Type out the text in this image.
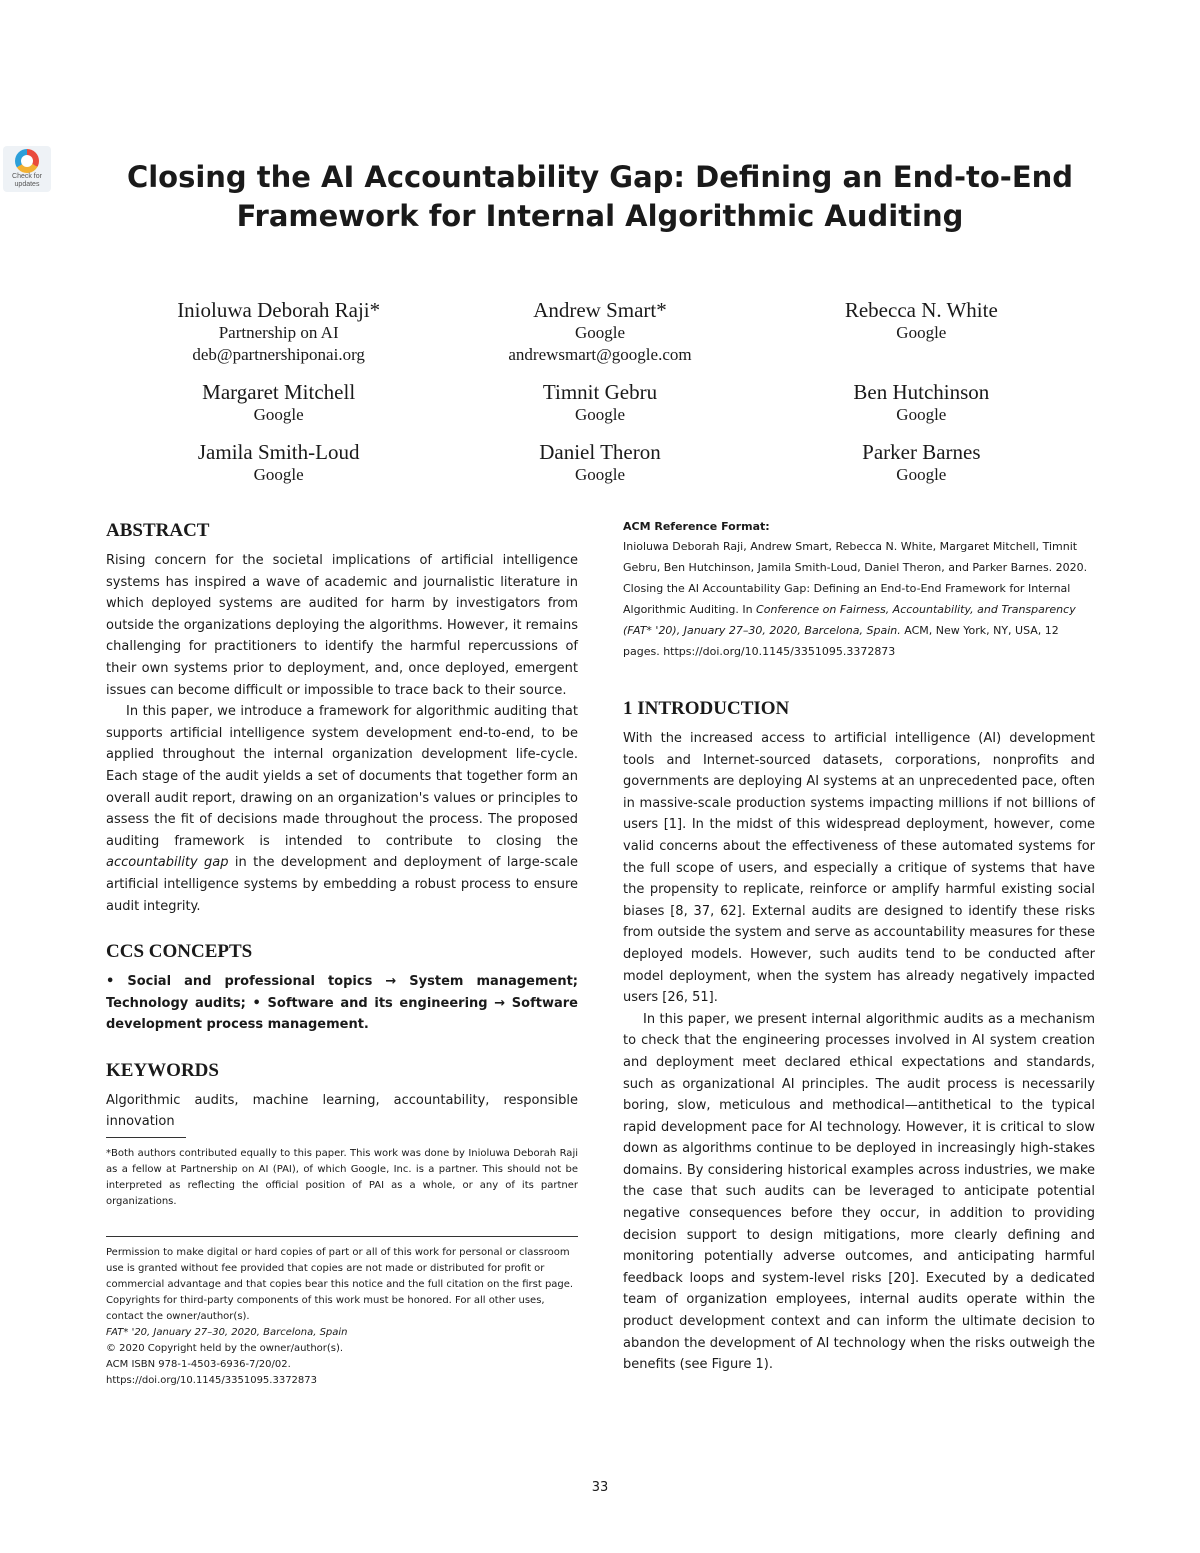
Check for updates	Closing the AI Accountability Gap: Defining an End-to-End Framework for Internal Algorithmic Auditing
Inioluwa Deborah Raji*
Partnership on AI
deb@partnershiponai.org
Andrew Smart*
Google
andrewsmart@google.com
Rebecca N. White
Google
Margaret Mitchell
Google
Timnit Gebru
Google
Ben Hutchinson
Google
Jamila Smith-Loud
Google
Daniel Theron
Google
Parker Barnes
Google
ABSTRACT

Rising concern for the societal implications of artificial intelligence systems has inspired a wave of academic and journalistic literature in which deployed systems are audited for harm by investigators from outside the organizations deploying the algorithms. However, it remains challenging for practitioners to identify the harmful repercussions of their own systems prior to deployment, and, once deployed, emergent issues can become difficult or impossible to trace back to their source.

In this paper, we introduce a framework for algorithmic auditing that supports artificial intelligence system development end-to-end, to be applied throughout the internal organization development life-cycle. Each stage of the audit yields a set of documents that together form an overall audit report, drawing on an organization's values or principles to assess the fit of decisions made throughout the process. The proposed auditing framework is intended to contribute to closing the accountability gap in the development and deployment of large-scale artificial intelligence systems by embedding a robust process to ensure audit integrity.

CCS CONCEPTS

• Social and professional topics → System management; Technology audits; • Software and its engineering → Software development process management.

KEYWORDS

Algorithmic audits, machine learning, accountability, responsible innovation

*Both authors contributed equally to this paper. This work was done by Inioluwa Deborah Raji as a fellow at Partnership on AI (PAI), of which Google, Inc. is a partner. This should not be interpreted as reflecting the official position of PAI as a whole, or any of its partner organizations.

Permission to make digital or hard copies of part or all of this work for personal or classroom use is granted without fee provided that copies are not made or distributed for profit or commercial advantage and that copies bear this notice and the full citation on the first page. Copyrights for third-party components of this work must be honored. For all other uses, contact the owner/author(s).

FAT* '20, January 27–30, 2020, Barcelona, Spain

© 2020 Copyright held by the owner/author(s).

ACM ISBN 978-1-4503-6936-7/20/02.

https://doi.org/10.1145/3351095.3372873

ACM Reference Format:

Inioluwa Deborah Raji, Andrew Smart, Rebecca N. White, Margaret Mitchell, Timnit Gebru, Ben Hutchinson, Jamila Smith-Loud, Daniel Theron, and Parker Barnes. 2020. Closing the AI Accountability Gap: Defining an End-to-End Framework for Internal Algorithmic Auditing. In Conference on Fairness, Accountability, and Transparency (FAT* '20), January 27–30, 2020, Barcelona, Spain. ACM, New York, NY, USA, 12 pages. https://doi.org/10.1145/3351095.3372873

1 INTRODUCTION

With the increased access to artificial intelligence (AI) development tools and Internet-sourced datasets, corporations, nonprofits and governments are deploying AI systems at an unprecedented pace, often in massive-scale production systems impacting millions if not billions of users [1]. In the midst of this widespread deployment, however, come valid concerns about the effectiveness of these automated systems for the full scope of users, and especially a critique of systems that have the propensity to replicate, reinforce or amplify harmful existing social biases [8, 37, 62]. External audits are designed to identify these risks from outside the system and serve as accountability measures for these deployed models. However, such audits tend to be conducted after model deployment, when the system has already negatively impacted users [26, 51].

In this paper, we present internal algorithmic audits as a mechanism to check that the engineering processes involved in AI system creation and deployment meet declared ethical expectations and standards, such as organizational AI principles. The audit process is necessarily boring, slow, meticulous and methodical—antithetical to the typical rapid development pace for AI technology. However, it is critical to slow down as algorithms continue to be deployed in increasingly high-stakes domains. By considering historical examples across industries, we make the case that such audits can be leveraged to anticipate potential negative consequences before they occur, in addition to providing decision support to design mitigations, more clearly defining and monitoring potentially adverse outcomes, and anticipating harmful feedback loops and system-level risks [20]. Executed by a dedicated team of organization employees, internal audits operate within the product development context and can inform the ultimate decision to abandon the development of AI technology when the risks outweigh the benefits (see Figure 1).

33
